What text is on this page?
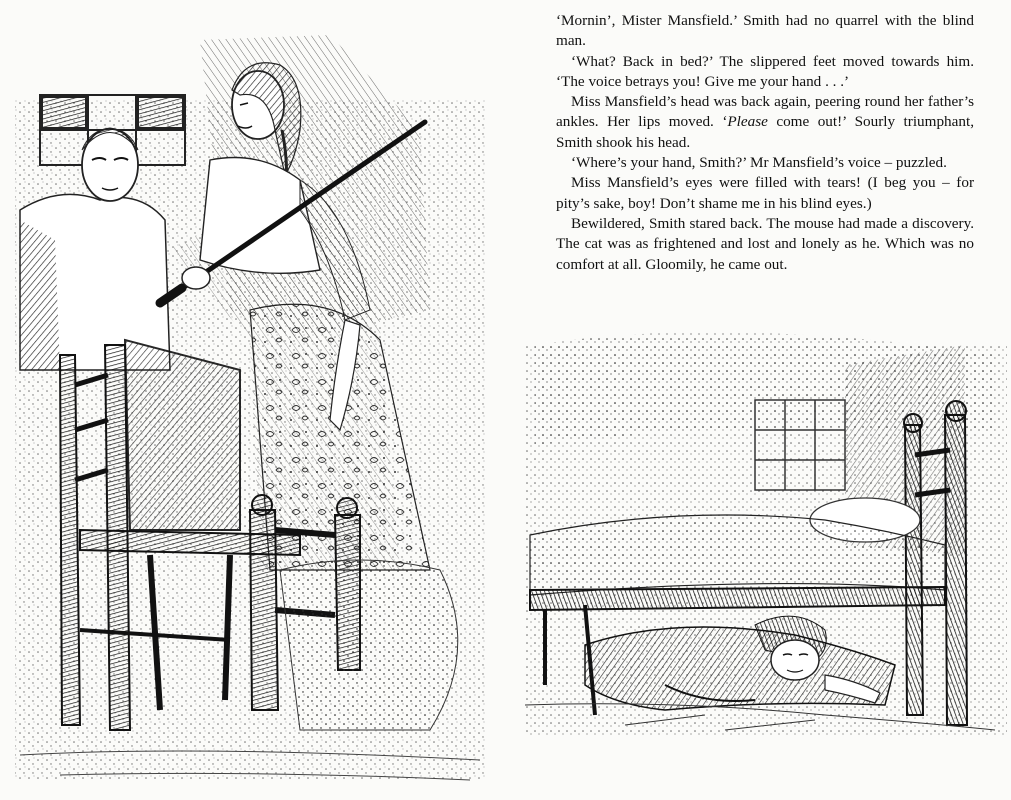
‘Mornin’, Mister Mansfield.’ Smith had no quarrel with the blind man.

‘What? Back in bed?’ The slippered feet moved towards him. ‘The voice betrays you! Give me your hand . . .’

Miss Mansfield’s head was back again, peering round her father’s ankles. Her lips moved. ‘Please come out!’ Sourly triumphant, Smith shook his head.

‘Where’s your hand, Smith?’ Mr Mansfield’s voice – puzzled.

Miss Mansfield’s eyes were filled with tears! (I beg you – for pity’s sake, boy! Don’t shame me in his blind eyes.)

Bewildered, Smith stared back. The mouse had made a discovery. The cat was as frightened and lost and lonely as he. Which was no comfort at all. Gloomily, he came out.
